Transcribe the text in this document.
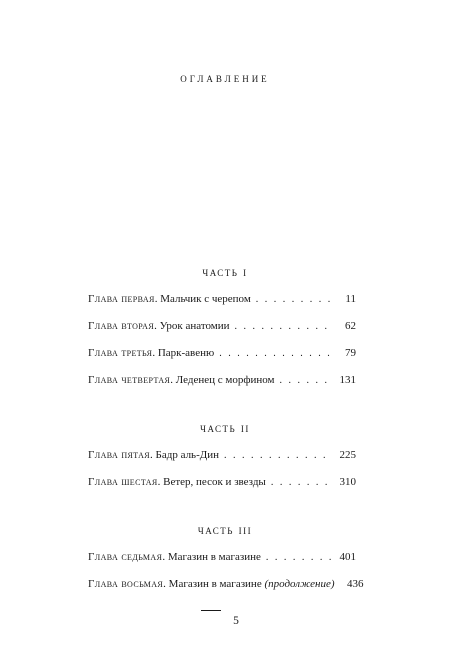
оглавление
часть i
Глава первая . Мальчик с черепом . . .	11
Глава вторая . Урок анатомии . . .	62
Глава третья . Парк-авеню . . .	79
Глава четвертая . Леденец с морфином . . .	131
часть ii
Глава пятая . Бадр аль-Дин . . .	225
Глава шестая . Ветер, песок и звезды . . .	310
часть iii
Глава седьмая . Магазин в магазине . . .	401
Глава восьмая . Магазин в магазине (продолжение) 436
5
